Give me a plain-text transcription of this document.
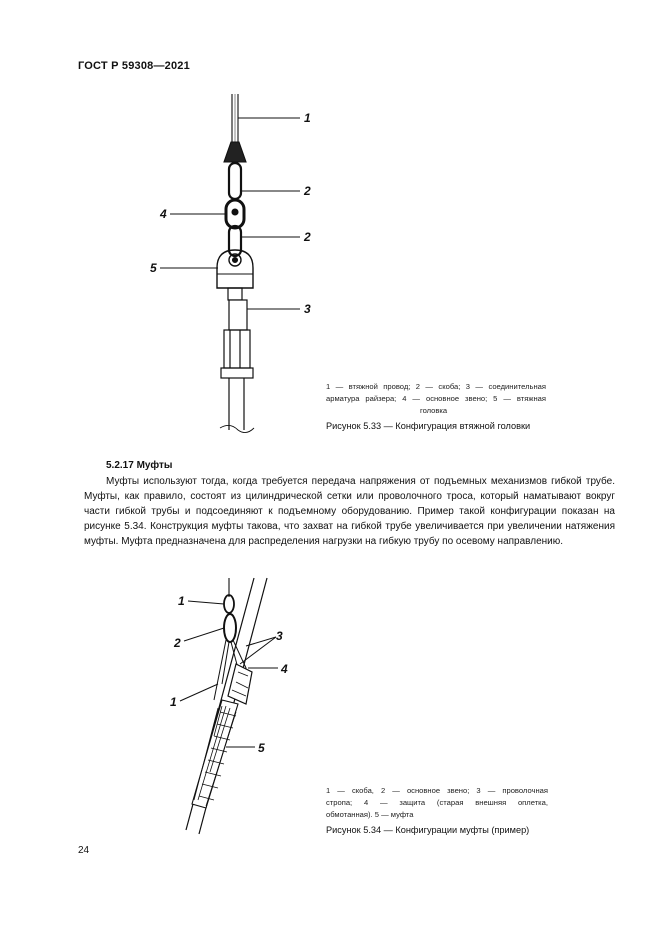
ГОСТ Р 59308—2021
1
2
4
2
5
3
1 — втяжной провод; 2 — скоба; 3 — соединительная
арматура райзера; 4 — основное звено; 5 — втяжная
головка
Рисунок 5.33 — Конфигурация втяжной головки
5.2.17 Муфты
Муфты используют тогда, когда требуется передача напряжения от подъемных механизмов гибкой трубе. Муфты, как правило, состоят из цилиндрической сетки или проволочного троса, который наматывают вокруг части гибкой трубы и подсоединяют к подъемному оборудованию. Пример такой конфигурации показан на рисунке 5.34. Конструкция муфты такова, что захват на гибкой трубе увеличивается при увеличении натяжения муфты. Муфта предназначена для распределения нагрузки на гибкую трубу по осевому направлению.
1
2	3
4
1
5
1 — скоба, 2 — основное звено; 3 — проволочная
стропа; 4 — защита (старая внешняя оплетка,
обмотанная). 5 — муфта
Рисунок 5.34 — Конфигурации муфты (пример)
24
